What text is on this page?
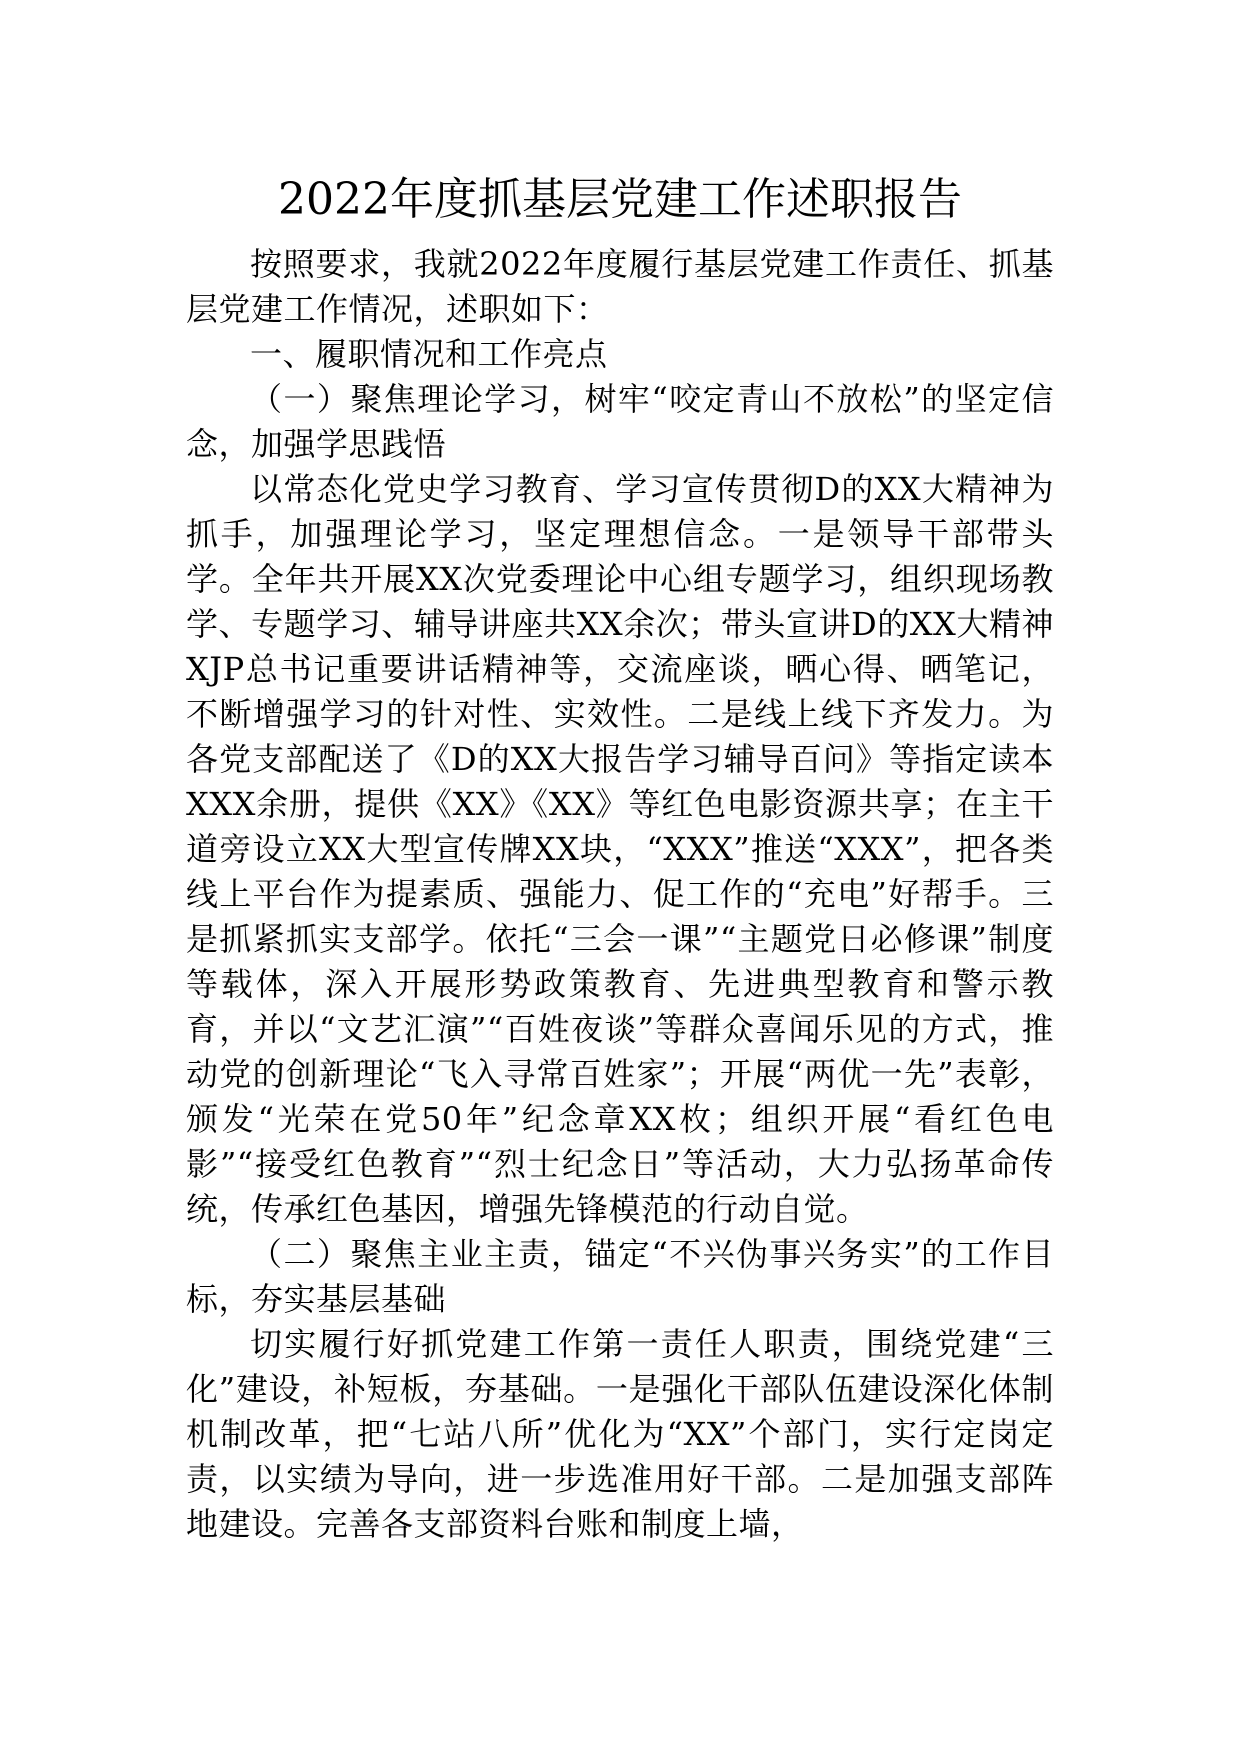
2022年度抓基层党建工作述职报告

按照要求，我就2022年度履行基层党建工作责任、抓基层党建工作情况，述职如下：

一、履职情况和工作亮点

（一）聚焦理论学习，树牢“咬定青山不放松”的坚定信念，加强学思践悟

以常态化党史学习教育、学习宣传贯彻D的XX大精神为抓手，加强理论学习，坚定理想信念。一是领导干部带头学。全年共开展XX次党委理论中心组专题学习，组织现场教学、专题学习、辅导讲座共XX余次；带头宣讲D的XX大精神XJP总书记重要讲话精神等，交流座谈，晒心得、晒笔记，不断增强学习的针对性、实效性。二是线上线下齐发力。为各党支部配送了《D的XX大报告学习辅导百问》等指定读本XXX余册，提供《XX》《XX》等红色电影资源共享；在主干道旁设立XX大型宣传牌XX块，“XXX”推送“XXX”，把各类线上平台作为提素质、强能力、促工作的“充电”好帮手。三是抓紧抓实支部学。依托“三会一课”“主题党日必修课”制度等载体，深入开展形势政策教育、先进典型教育和警示教育，并以“文艺汇演”“百姓夜谈”等群众喜闻乐见的方式，推动党的创新理论“飞入寻常百姓家”；开展“两优一先”表彰，颁发“光荣在党50年”纪念章XX枚；组织开展“看红色电影”“接受红色教育”“烈士纪念日”等活动，大力弘扬革命传统，传承红色基因，增强先锋模范的行动自觉。

（二）聚焦主业主责，锚定“不兴伪事兴务实”的工作目标，夯实基层基础

切实履行好抓党建工作第一责任人职责，围绕党建“三化”建设，补短板，夯基础。一是强化干部队伍建设深化体制机制改革，把“七站八所”优化为“XX”个部门，实行定岗定责，以实绩为导向，进一步选准用好干部。二是加强支部阵地建设。完善各支部资料台账和制度上墙，
